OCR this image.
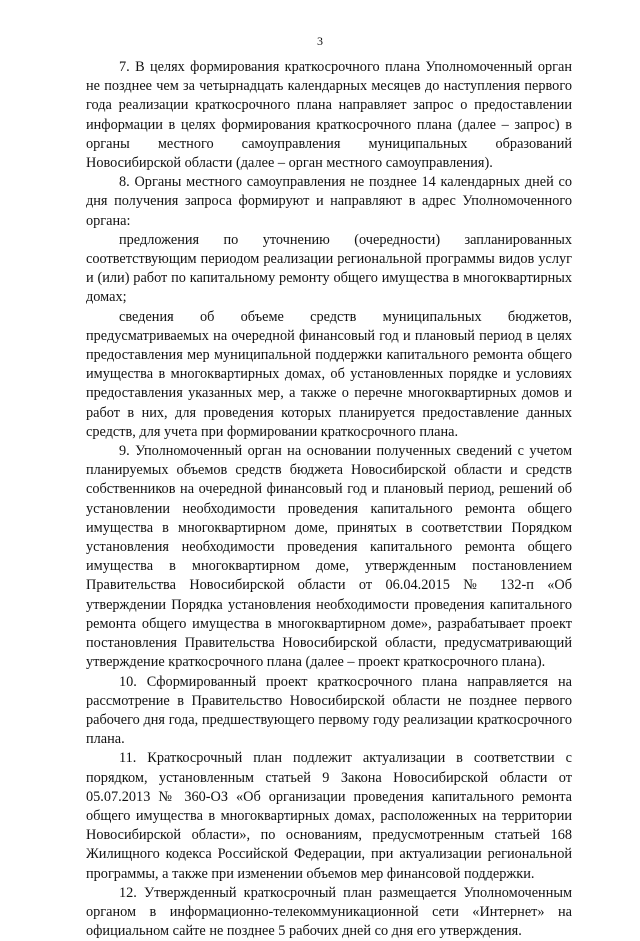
3

7. В целях формирования краткосрочного плана Уполномоченный орган не позднее чем за четырнадцать календарных месяцев до наступления первого года реализации краткосрочного плана направляет запрос о предоставлении информации в целях формирования краткосрочного плана (далее – запрос) в органы местного самоуправления муниципальных образований Новосибирской области (далее – орган местного самоуправления).

8. Органы местного самоуправления не позднее 14 календарных дней со дня получения запроса формируют и направляют в адрес Уполномоченного органа:

предложения по уточнению (очередности) запланированных соответствующим периодом реализации региональной программы видов услуг и (или) работ по капитальному ремонту общего имущества в многоквартирных домах;

сведения об объеме средств муниципальных бюджетов, предусматриваемых на очередной финансовый год и плановый период в целях предоставления мер муниципальной поддержки капитального ремонта общего имущества в многоквартирных домах, об установленных порядке и условиях предоставления указанных мер, а также о перечне многоквартирных домов и работ в них, для проведения которых планируется предоставление данных средств, для учета при формировании краткосрочного плана.

9. Уполномоченный орган на основании полученных сведений с учетом планируемых объемов средств бюджета Новосибирской области и средств собственников на очередной финансовый год и плановый период, решений об установлении необходимости проведения капитального ремонта общего имущества в многоквартирном доме, принятых в соответствии Порядком установления необходимости проведения капитального ремонта общего имущества в многоквартирном доме, утвержденным постановлением Правительства Новосибирской области от 06.04.2015 № 132-п «Об утверждении Порядка установления необходимости проведения капитального ремонта общего имущества в многоквартирном доме», разрабатывает проект постановления Правительства Новосибирской области, предусматривающий утверждение краткосрочного плана (далее – проект краткосрочного плана).

10. Сформированный проект краткосрочного плана направляется на рассмотрение в Правительство Новосибирской области не позднее первого рабочего дня года, предшествующего первому году реализации краткосрочного плана.

11. Краткосрочный план подлежит актуализации в соответствии с порядком, установленным статьей 9 Закона Новосибирской области от 05.07.2013 № 360-ОЗ «Об организации проведения капитального ремонта общего имущества в многоквартирных домах, расположенных на территории Новосибирской области», по основаниям, предусмотренным статьей 168 Жилищного кодекса Российской Федерации, при актуализации региональной программы, а также при изменении объемов мер финансовой поддержки.

12. Утвержденный краткосрочный план размещается Уполномоченным органом в информационно-телекоммуникационной сети «Интернет» на официальном сайте не позднее 5 рабочих дней со дня его утверждения.
